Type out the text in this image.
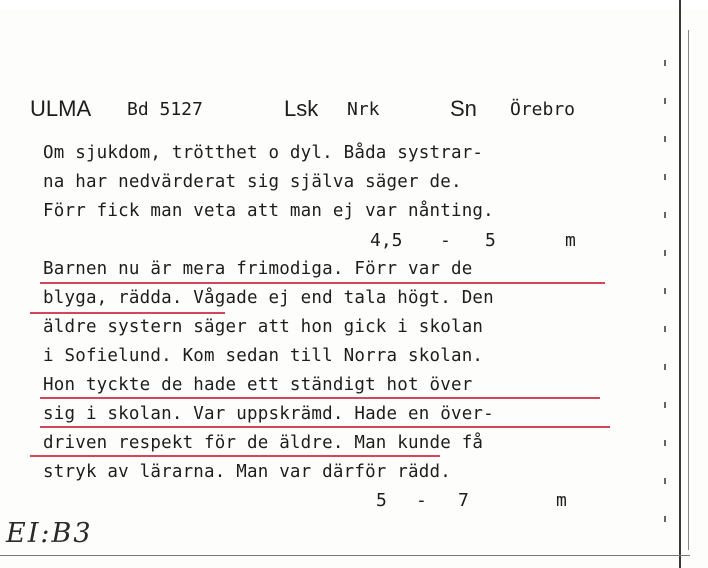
ULMA Bd 5127	Lsk Nrk	Sn Örebro
Om sjukdom, trötthet o dyl. Båda systrar-
na har nedvärderat sig själva säger de.
Förr fick man veta att man ej var nånting.
4,5 - 5	m
Barnen nu är mera frimodiga. Förr var de
blyga, rädda. Vågade ej end tala högt. Den
äldre systern säger att hon gick i skolan
i Sofielund. Kom sedan till Norra skolan.
Hon tyckte de hade ett ständigt hot över
sig i skolan. Var uppskrämd. Hade en över-
driven respekt för de äldre. Man kunde få
stryk av lärarna. Man var därför rädd.
5 - 7	m
EI:B3
